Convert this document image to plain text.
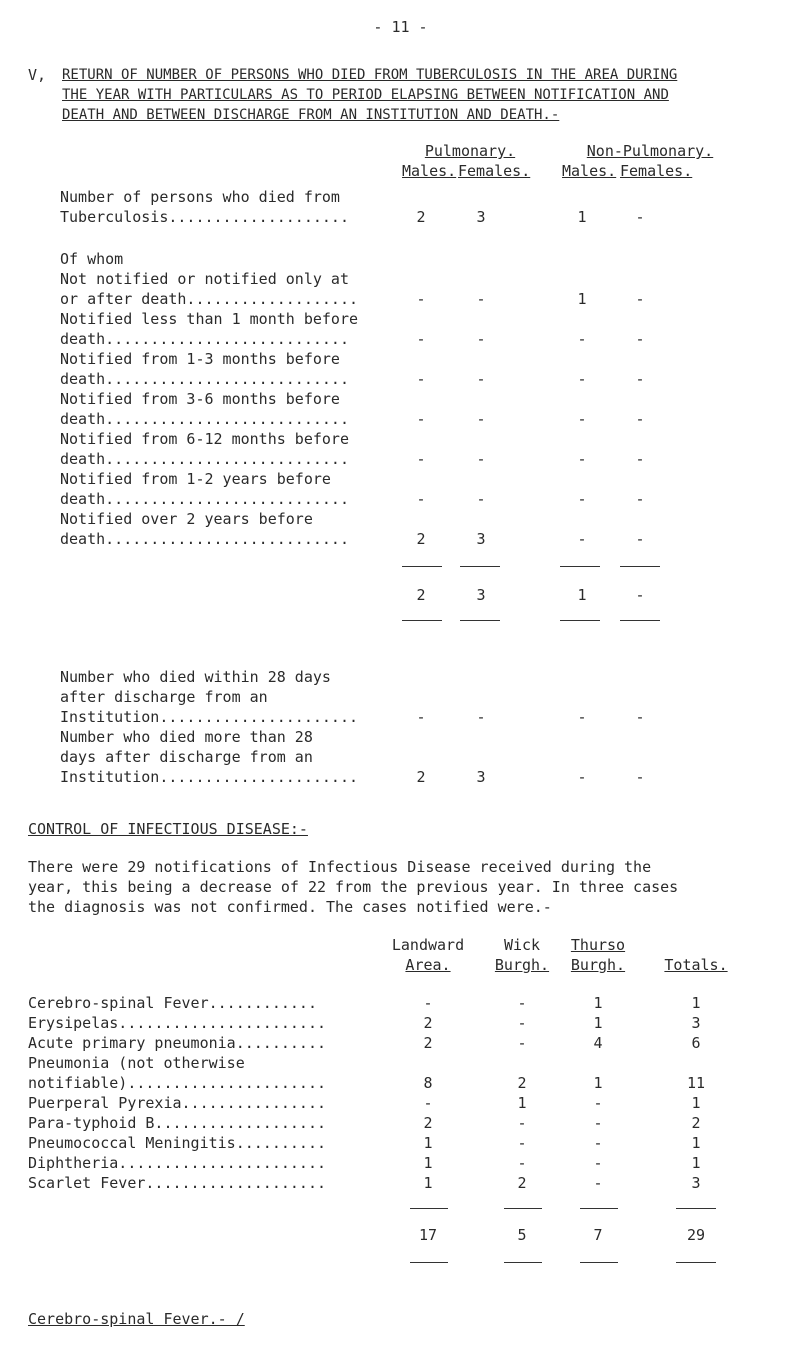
- 11 -
V, RETURN OF NUMBER OF PERSONS WHO DIED FROM TUBERCULOSIS IN THE AREA DURING
THE YEAR WITH PARTICULARS AS TO PERIOD ELAPSING BETWEEN NOTIFICATION AND
DEATH AND BETWEEN DISCHARGE FROM AN INSTITUTION AND DEATH.-
Pulmonary.	Non-Pulmonary.
Males. Females. Males. Females.
Number of persons who died from
Tuberculosis....................	2	3	1	-
Of whom
Not notified or notified only at
or after death...................	-	-	1	-
Notified less than 1 month before
death...........................	-	-	-	-
Notified from 1-3 months before
death...........................	-	-	-	-
Notified from 3-6 months before
death...........................	-	-	-	-
Notified from 6-12 months before
death...........................	-	-	-	-
Notified from 1-2 years before
death...........................	-	-	-	-
Notified over 2 years before
death...........................	2	3	-	-
2	3	1	-
Number who died within 28 days
after discharge from an
Institution......................	-	-	-	-
Number who died more than 28
days after discharge from an
Institution......................	2	3	-	-
CONTROL OF INFECTIOUS DISEASE:-
There were 29 notifications of Infectious Disease received during the
year, this being a decrease of 22 from the previous year. In three cases
the diagnosis was not confirmed. The cases notified were.-
Landward
Area.
Wick
Burgh.
Thurso
Burgh.	Totals.
Cerebro-spinal Fever............	-	-	1	1
Erysipelas.......................	2	-	1	3
Acute primary pneumonia..........	2	-	4	6
Pneumonia (not otherwise
notifiable)......................	8	2	1	11
Puerperal Pyrexia................	-	1	-	1
Para-typhoid B...................	2	-	-	2
Pneumococcal Meningitis..........	1	-	-	1
Diphtheria.......................	1	-	-	1
Scarlet Fever....................	1	2	-	3
17	5	7	29
Cerebro-spinal Fever.- /
